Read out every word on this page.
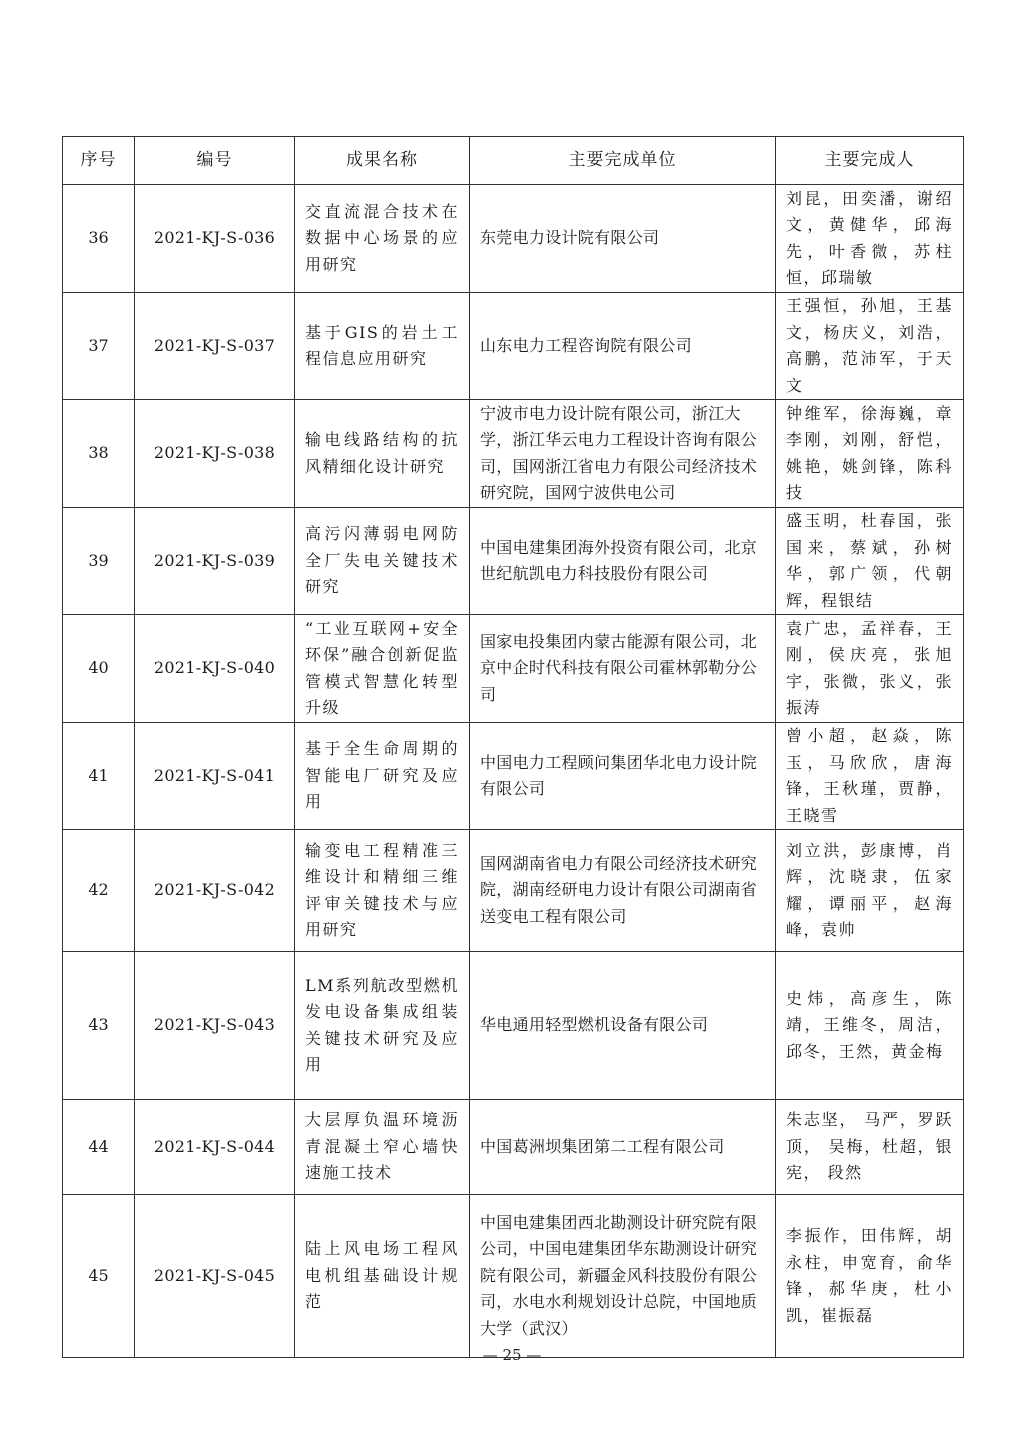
序号	编号	成果名称	主要完成单位	主要完成人
36	2021-KJ-S-036	交直流混合技术在数据中心场景的应用研究	东莞电力设计院有限公司	刘昆，田奕潘，谢绍文，黄健华，邱海先，叶香微，苏柱恒，邱瑞敏
37	2021-KJ-S-037	基于GIS的岩土工程信息应用研究	山东电力工程咨询院有限公司	王强恒，孙旭，王基文，杨庆义，刘浩，高鹏，范沛军，于天文
38	2021-KJ-S-038	输电线路结构的抗风精细化设计研究	宁波市电力设计院有限公司，浙江大学，浙江华云电力工程设计咨询有限公司，国网浙江省电力有限公司经济技术研究院，国网宁波供电公司	钟维军，徐海巍，章李刚，刘刚，舒恺，姚艳，姚剑锋，陈科技
39	2021-KJ-S-039	高污闪薄弱电网防全厂失电关键技术研究	中国电建集团海外投资有限公司，北京世纪航凯电力科技股份有限公司	盛玉明，杜春国，张国来，蔡斌，孙树华，郭广领，代朝辉，程银结
40	2021-KJ-S-040	“工业互联网+安全环保”融合创新促监管模式智慧化转型升级	国家电投集团内蒙古能源有限公司，北京中企时代科技有限公司霍林郭勒分公司	袁广忠，孟祥春，王刚，侯庆亮，张旭宇，张微，张义，张振涛
41	2021-KJ-S-041	基于全生命周期的智能电厂研究及应用	中国电力工程顾问集团华北电力设计院有限公司	曾小超，赵焱，陈玉，马欣欣，唐海锋，王秋瑾，贾静，王晓雪
42	2021-KJ-S-042	输变电工程精准三维设计和精细三维评审关键技术与应用研究	国网湖南省电力有限公司经济技术研究院，湖南经研电力设计有限公司湖南省送变电工程有限公司	刘立洪，彭康博，肖辉，沈晓隶，伍家耀，谭丽平，赵海峰，袁帅
43	2021-KJ-S-043	LM系列航改型燃机发电设备集成组装关键技术研究及应用	华电通用轻型燃机设备有限公司	史炜，高彦生，陈靖，王维冬，周洁，邱冬，王然，黄金梅
44	2021-KJ-S-044	大层厚负温环境沥青混凝土窄心墙快速施工技术	中国葛洲坝集团第二工程有限公司	朱志坚， 马严，罗跃顶， 吴梅，杜超，银宪， 段然
45	2021-KJ-S-045	陆上风电场工程风电机组基础设计规范	中国电建集团西北勘测设计研究院有限公司，中国电建集团华东勘测设计研究院有限公司，新疆金风科技股份有限公司，水电水利规划设计总院，中国地质大学（武汉）	李振作，田伟辉，胡永柱，申宽育，俞华锋，郝华庚，杜小凯，崔振磊
— 25 —
